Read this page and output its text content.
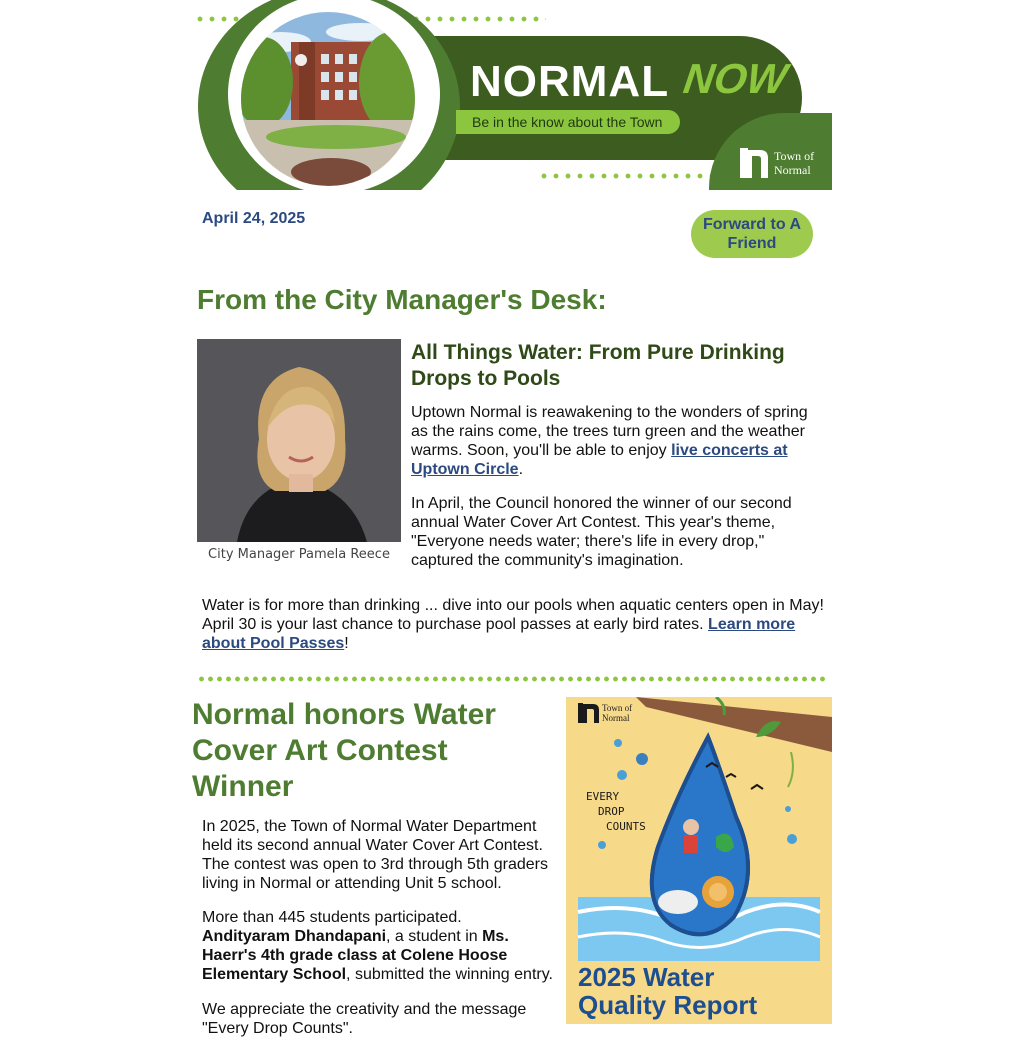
NORMAL NOW
Be in the know about the Town
Town of
Normal
April 24, 2025	Forward to A Friend
From the City Manager's Desk:
City Manager Pamela Reece
All Things Water: From Pure Drinking Drops to Pools
Uptown Normal is reawakening to the wonders of spring as the rains come, the trees turn green and the weather warms. Soon, you'll be able to enjoy live concerts at Uptown Circle.
In April, the Council honored the winner of our second annual Water Cover Art Contest. This year's theme, "Everyone needs water; there's life in every drop," captured the community's imagination.
Water is for more than drinking ... dive into our pools when aquatic centers open in May! April 30 is your last chance to purchase pool passes at early bird rates. Learn more about Pool Passes!
Normal honors Water Cover Art Contest Winner
In 2025, the Town of Normal Water Department held its second annual Water Cover Art Contest. The contest was open to 3rd through 5th graders living in Normal or attending Unit 5 school.
More than 445 students participated. Andityaram Dhandapani, a student in Ms. Haerr's 4th grade class at Colene Hoose Elementary School, submitted the winning entry.
We appreciate the creativity and the message "Every Drop Counts".
Town of
Normal
EVERY
DROP
COUNTS
2025 Water
Quality Report
